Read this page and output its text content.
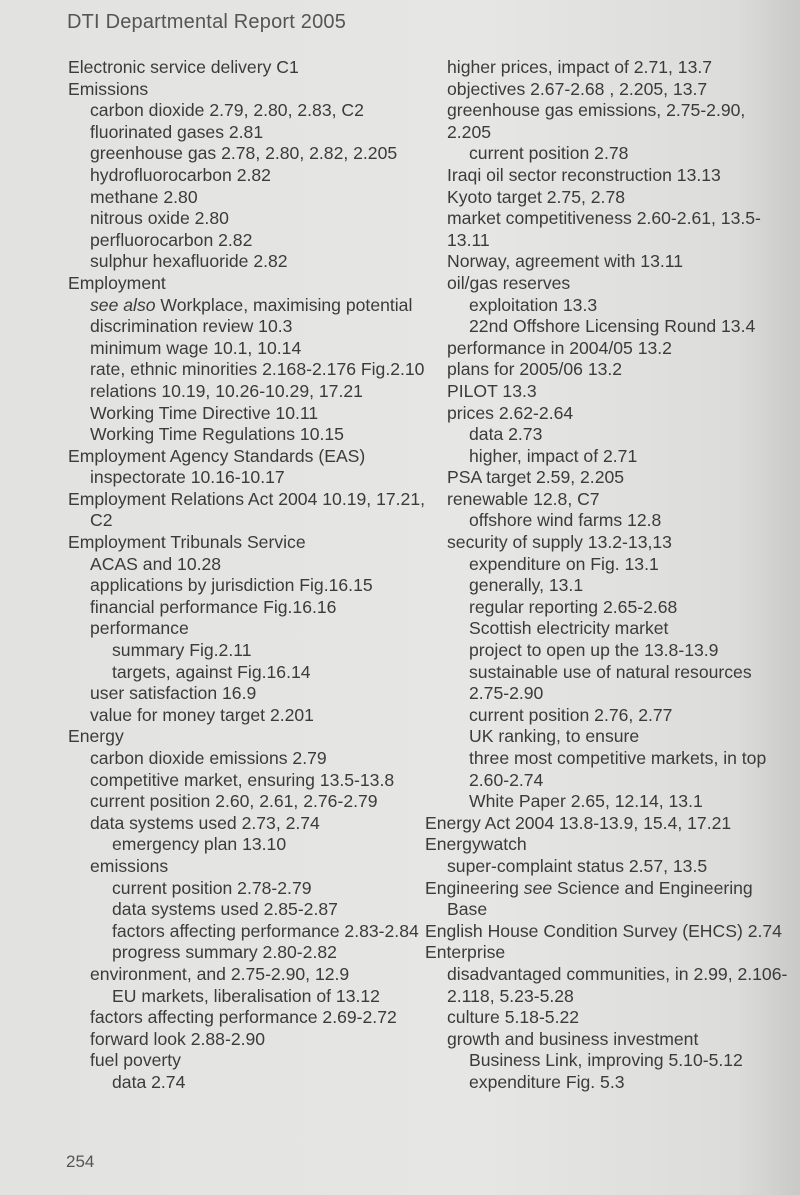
DTI Departmental Report 2005
Electronic service delivery C1
Emissions
carbon dioxide 2.79, 2.80, 2.83, C2
fluorinated gases 2.81
greenhouse gas 2.78, 2.80, 2.82, 2.205
hydrofluorocarbon 2.82
methane 2.80
nitrous oxide 2.80
perfluorocarbon 2.82
sulphur hexafluoride 2.82
Employment
see also Workplace, maximising potential
discrimination review 10.3
minimum wage 10.1, 10.14
rate, ethnic minorities 2.168-2.176 Fig.2.10
relations 10.19, 10.26-10.29, 17.21
Working Time Directive 10.11
Working Time Regulations 10.15
Employment Agency Standards (EAS)
inspectorate 10.16-10.17
Employment Relations Act 2004 10.19, 17.21,
C2
Employment Tribunals Service
ACAS and 10.28
applications by jurisdiction Fig.16.15
financial performance Fig.16.16
performance
summary Fig.2.11
targets, against Fig.16.14
user satisfaction 16.9
value for money target 2.201
Energy
carbon dioxide emissions 2.79
competitive market, ensuring 13.5-13.8
current position 2.60, 2.61, 2.76-2.79
data systems used 2.73, 2.74
emergency plan 13.10
emissions
current position 2.78-2.79
data systems used 2.85-2.87
factors affecting performance 2.83-2.84
progress summary 2.80-2.82
environment, and 2.75-2.90, 12.9
EU markets, liberalisation of 13.12
factors affecting performance 2.69-2.72
forward look 2.88-2.90
fuel poverty
data 2.74
higher prices, impact of 2.71, 13.7
objectives 2.67-2.68 , 2.205, 13.7
greenhouse gas emissions, 2.75-2.90,
2.205
current position 2.78
Iraqi oil sector reconstruction 13.13
Kyoto target 2.75, 2.78
market competitiveness 2.60-2.61, 13.5-
13.11
Norway, agreement with 13.11
oil/gas reserves
exploitation 13.3
22nd Offshore Licensing Round 13.4
performance in 2004/05 13.2
plans for 2005/06 13.2
PILOT 13.3
prices 2.62-2.64
data 2.73
higher, impact of 2.71
PSA target 2.59, 2.205
renewable 12.8, C7
offshore wind farms 12.8
security of supply 13.2-13,13
expenditure on Fig. 13.1
generally, 13.1
regular reporting 2.65-2.68
Scottish electricity market
project to open up the 13.8-13.9
sustainable use of natural resources
2.75-2.90
current position 2.76, 2.77
UK ranking, to ensure
three most competitive markets, in top
2.60-2.74
White Paper 2.65, 12.14, 13.1
Energy Act 2004 13.8-13.9, 15.4, 17.21
Energywatch
super-complaint status 2.57, 13.5
Engineering see Science and Engineering
Base
English House Condition Survey (EHCS) 2.74
Enterprise
disadvantaged communities, in 2.99, 2.106-
2.118, 5.23-5.28
culture 5.18-5.22
growth and business investment
Business Link, improving 5.10-5.12
expenditure Fig. 5.3
254
